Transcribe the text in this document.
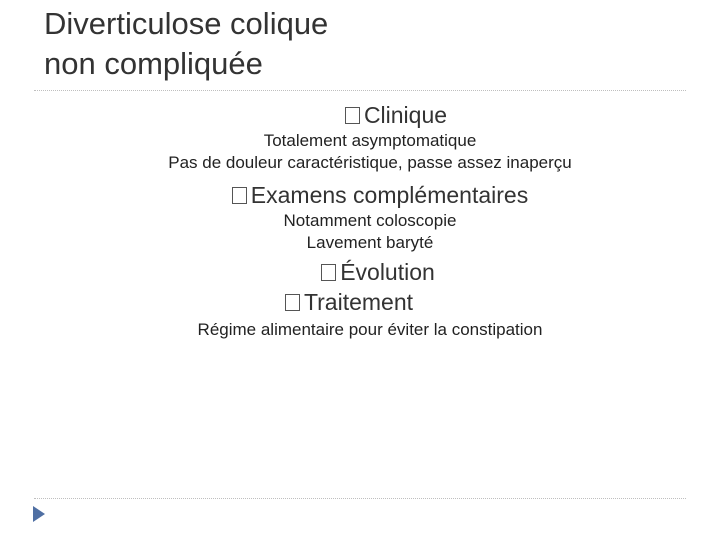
Diverticulose colique
non compliquée
Clinique
Totalement asymptomatique
Pas de douleur caractéristique, passe assez inaperçu
Examens complémentaires
Notamment coloscopie
Lavement baryté
Évolution
Traitement
Régime alimentaire pour éviter la constipation
